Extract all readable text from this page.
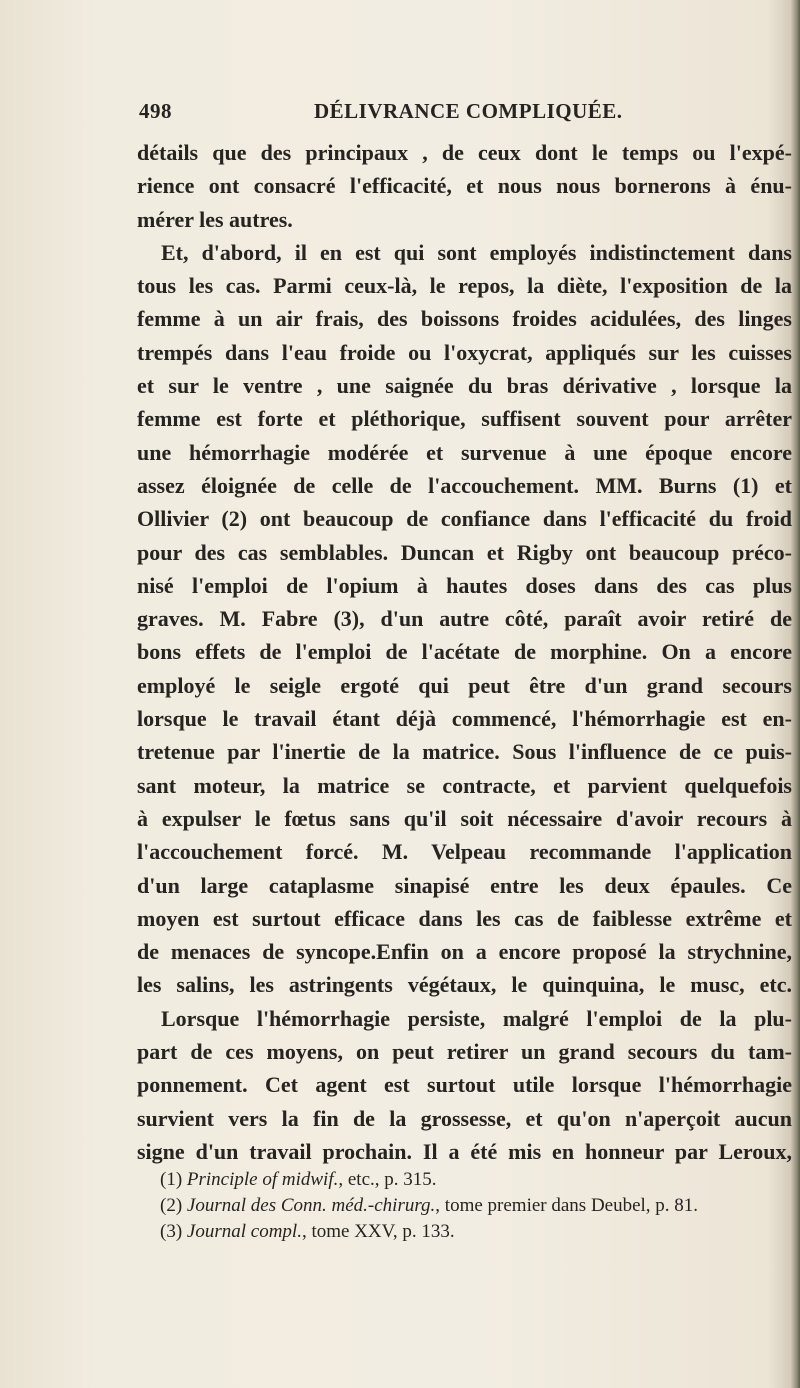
498	DÉLIVRANCE COMPLIQUÉE.
détails que des principaux , de ceux dont le temps ou l'expé-
rience ont consacré l'efficacité, et nous nous bornerons à énu-
mérer les autres.
Et, d'abord, il en est qui sont employés indistinctement dans
tous les cas. Parmi ceux-là, le repos, la diète, l'exposition de la
femme à un air frais, des boissons froides acidulées, des linges
trempés dans l'eau froide ou l'oxycrat, appliqués sur les cuisses
et sur le ventre , une saignée du bras dérivative , lorsque la
femme est forte et pléthorique, suffisent souvent pour arrêter
une hémorrhagie modérée et survenue à une époque encore
assez éloignée de celle de l'accouchement. MM. Burns (1) et
Ollivier (2) ont beaucoup de confiance dans l'efficacité du froid
pour des cas semblables. Duncan et Rigby ont beaucoup préco-
nisé l'emploi de l'opium à hautes doses dans des cas plus
graves. M. Fabre (3), d'un autre côté, paraît avoir retiré de
bons effets de l'emploi de l'acétate de morphine. On a encore
employé le seigle ergoté qui peut être d'un grand secours
lorsque le travail étant déjà commencé, l'hémorrhagie est en-
tretenue par l'inertie de la matrice. Sous l'influence de ce puis-
sant moteur, la matrice se contracte, et parvient quelquefois
à expulser le fœtus sans qu'il soit nécessaire d'avoir recours à
l'accouchement forcé. M. Velpeau recommande l'application
d'un large cataplasme sinapisé entre les deux épaules. Ce
moyen est surtout efficace dans les cas de faiblesse extrême et
de menaces de syncope.Enfin on a encore proposé la strychnine,
les salins, les astringents végétaux, le quinquina, le musc, etc.
Lorsque l'hémorrhagie persiste, malgré l'emploi de la plu-
part de ces moyens, on peut retirer un grand secours du tam-
ponnement. Cet agent est surtout utile lorsque l'hémorrhagie
survient vers la fin de la grossesse, et qu'on n'aperçoit aucun
signe d'un travail prochain. Il a été mis en honneur par Leroux,
(1) Principle of midwif., etc., p. 315.
(2) Journal des Conn. méd.-chirurg., tome premier dans Deubel, p. 81.
(3) Journal compl., tome XXV, p. 133.
